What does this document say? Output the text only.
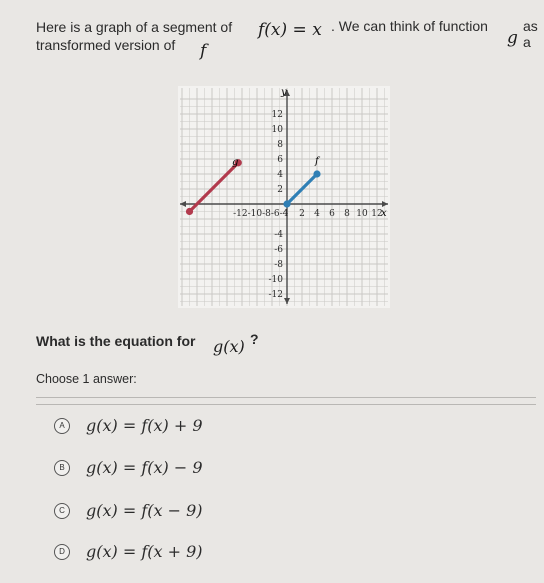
Here is a graph of a segment of f(x) = x . We can think of function
g
as a
transformed version of f
x
y
2 4 6 8 10 12
-12-10-8-6-4
2
4
6
8
10
12
-4
-6
-8
-10
-12
f
g
What is the equation for g(x) ?
Choose 1 answer:
A	g(x) = f(x) + 9
B	g(x) = f(x) − 9
C	g(x) = f(x − 9)
D	g(x) = f(x + 9)
